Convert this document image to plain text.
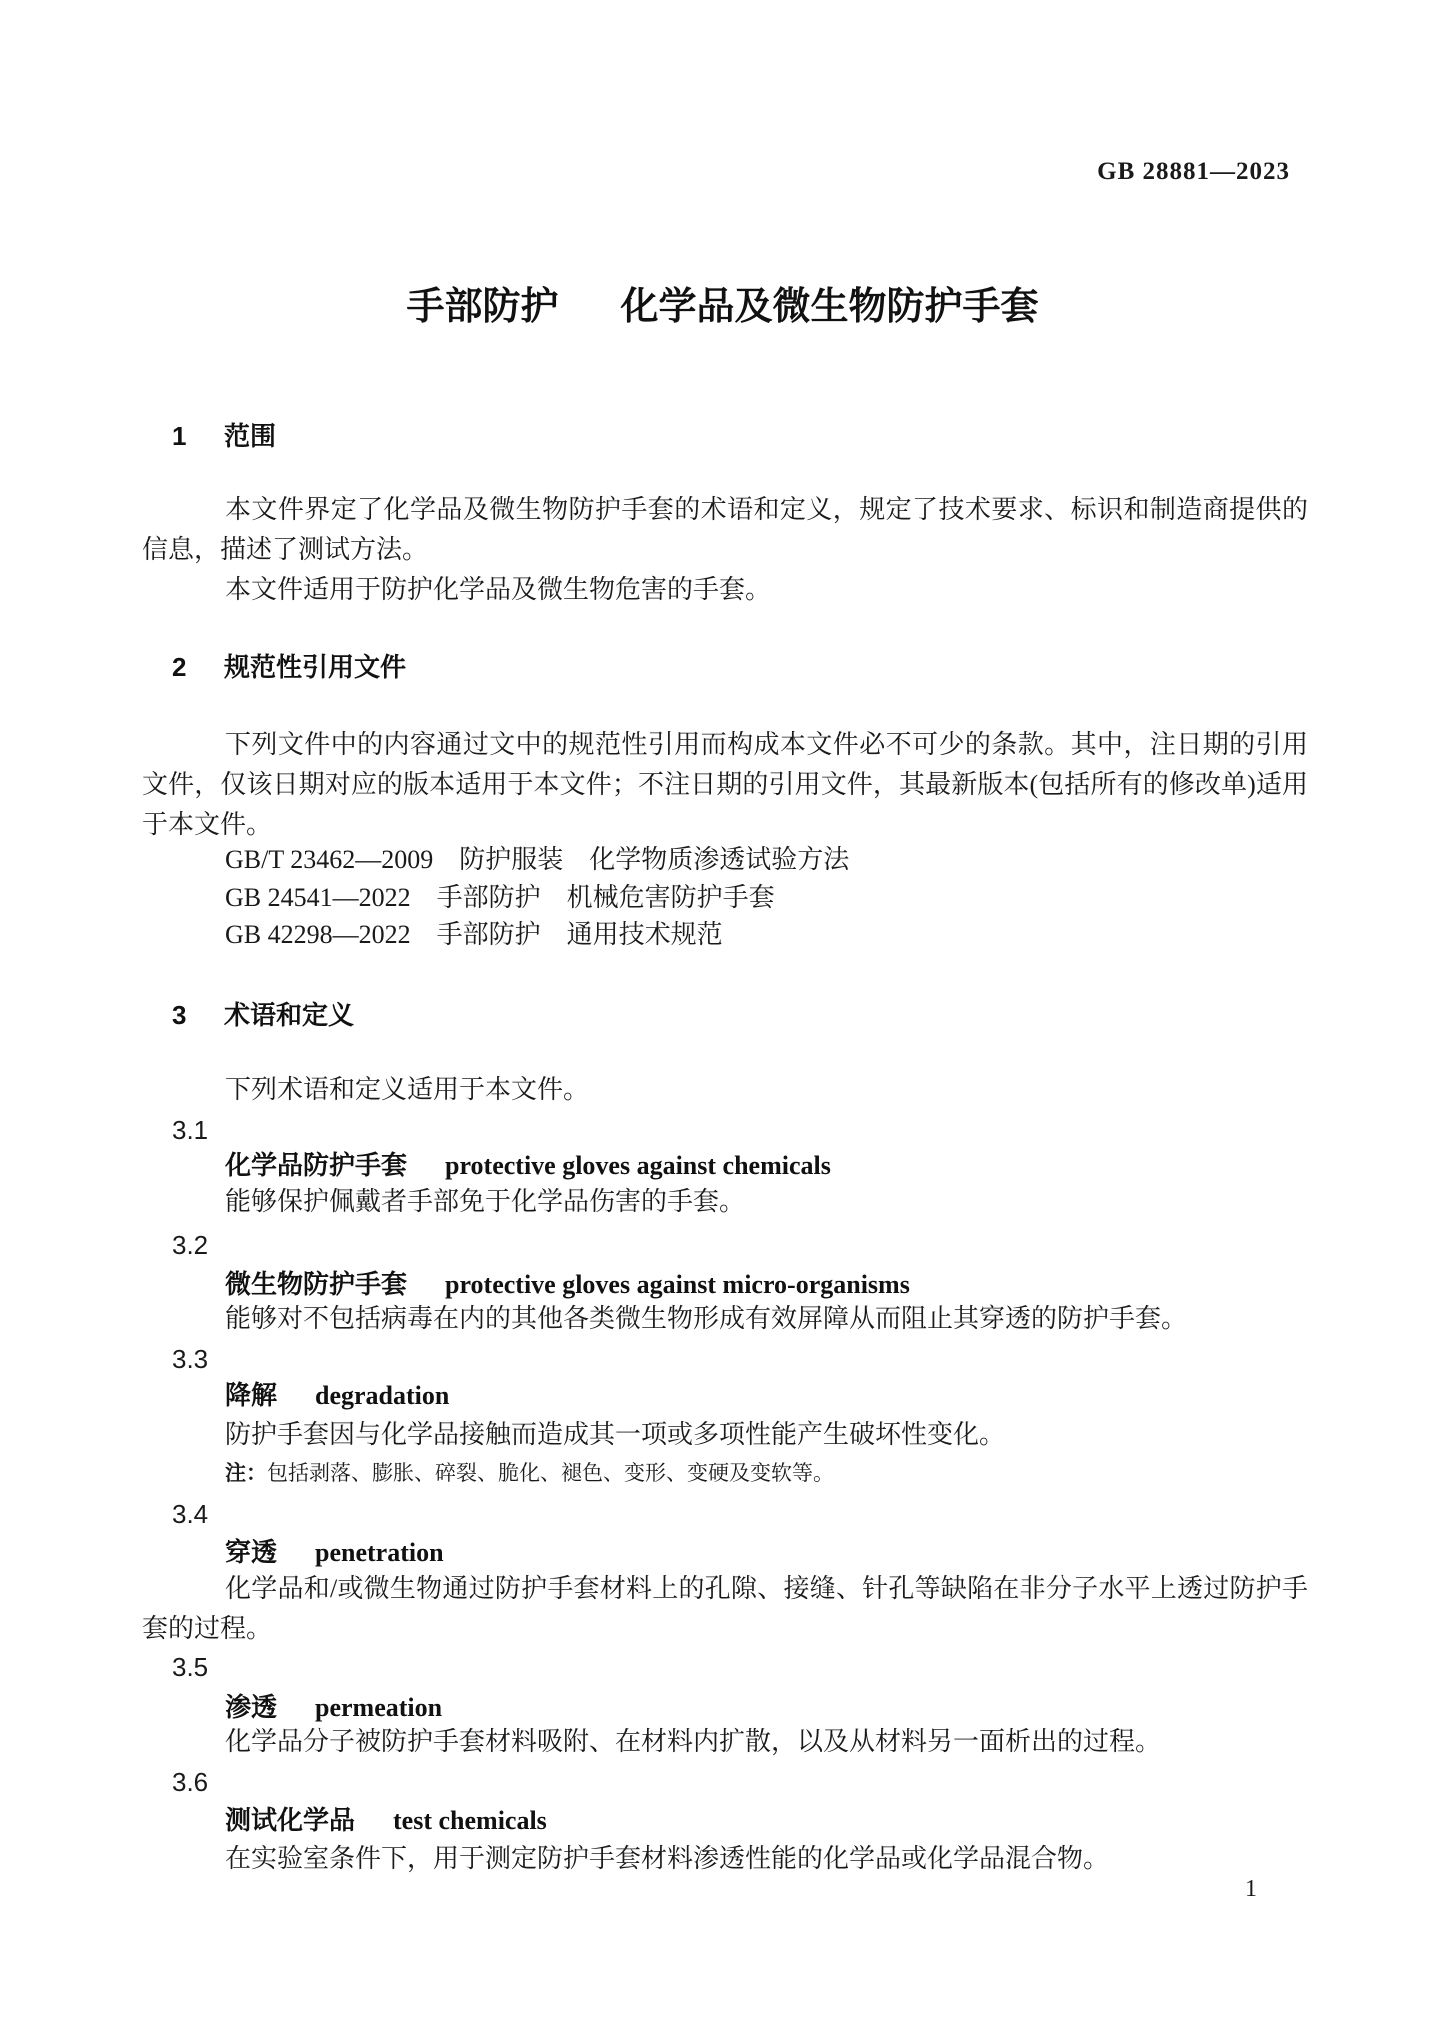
GB 28881—2023
手部防护 化学品及微生物防护手套
1 范围

本文件界定了化学品及微生物防护手套的术语和定义，规定了技术要求、标识和制造商提供的信息，描述了测试方法。

本文件适用于防护化学品及微生物危害的手套。

2 规范性引用文件

下列文件中的内容通过文中的规范性引用而构成本文件必不可少的条款。其中，注日期的引用文件，仅该日期对应的版本适用于本文件；不注日期的引用文件，其最新版本(包括所有的修改单)适用于本文件。

GB/T 23462—2009　防护服装　化学物质渗透试验方法
GB 24541—2022　手部防护　机械危害防护手套
GB 42298—2022　手部防护　通用技术规范
3 术语和定义
下列术语和定义适用于本文件。
3.1
化学品防护手套 protective gloves against chemicals
能够保护佩戴者手部免于化学品伤害的手套。
3.2
微生物防护手套 protective gloves against micro-organisms
能够对不包括病毒在内的其他各类微生物形成有效屏障从而阻止其穿透的防护手套。
3.3
降解 degradation
防护手套因与化学品接触而造成其一项或多项性能产生破坏性变化。
注：包括剥落、膨胀、碎裂、脆化、褪色、变形、变硬及变软等。
3.4
穿透 penetration

化学品和/或微生物通过防护手套材料上的孔隙、接缝、针孔等缺陷在非分子水平上透过防护手套的过程。

3.5
渗透 permeation
化学品分子被防护手套材料吸附、在材料内扩散，以及从材料另一面析出的过程。
3.6
测试化学品 test chemicals
在实验室条件下，用于测定防护手套材料渗透性能的化学品或化学品混合物。
1
